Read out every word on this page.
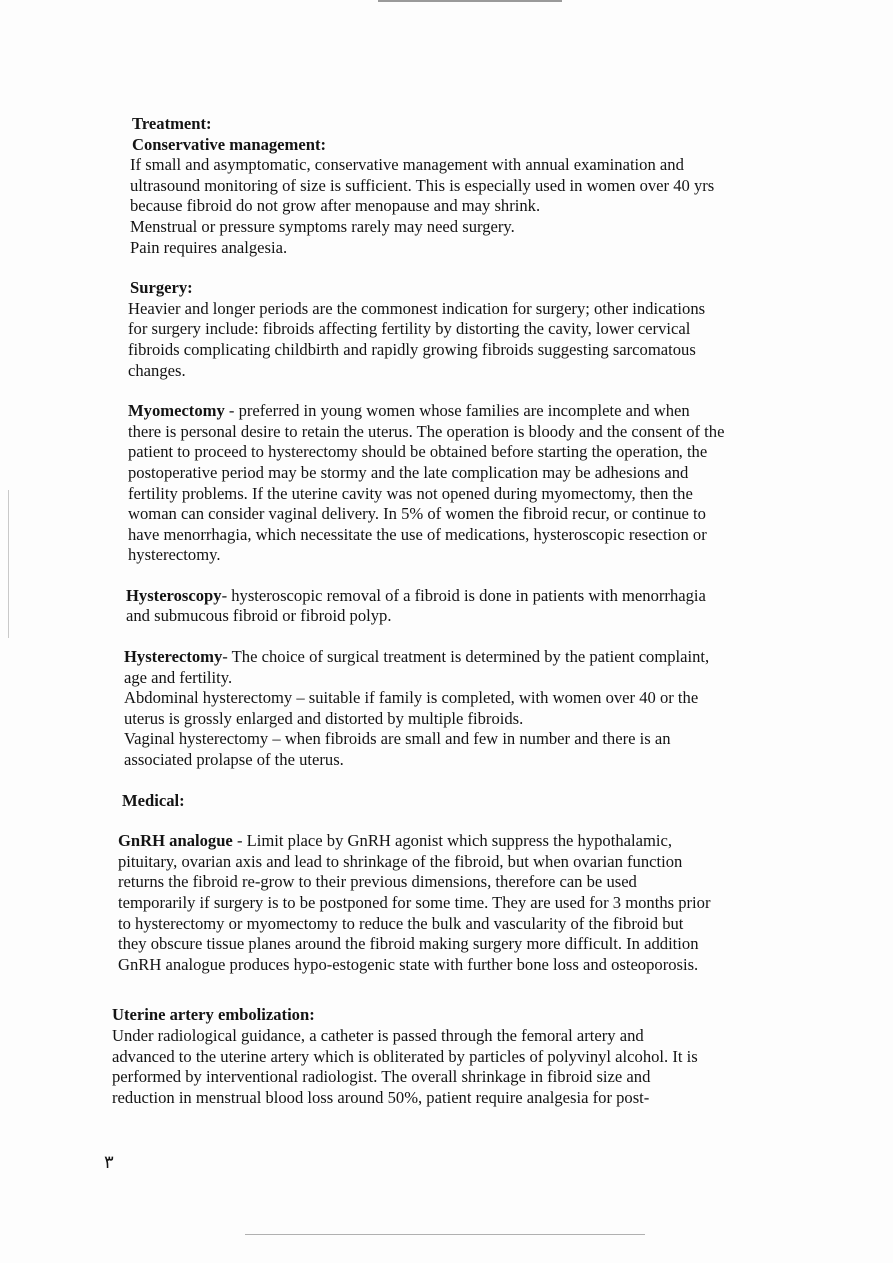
Treatment:
Conservative management:
If small and asymptomatic, conservative management with annual examination and
ultrasound monitoring of size is sufficient. This is especially used in women over 40 yrs
because fibroid do not grow after menopause and may shrink.
Menstrual or pressure symptoms rarely may need surgery.
Pain requires analgesia.
Surgery:
Heavier and longer periods are the commonest indication for surgery; other indications
for surgery include: fibroids affecting fertility by distorting the cavity, lower cervical
fibroids complicating childbirth and rapidly growing fibroids suggesting sarcomatous
changes.
Myomectomy - preferred in young women whose families are incomplete and when
there is personal desire to retain the uterus. The operation is bloody and the consent of the
patient to proceed to hysterectomy should be obtained before starting the operation, the
postoperative period may be stormy and the late complication may be adhesions and
fertility problems. If the uterine cavity was not opened during myomectomy, then the
woman can consider vaginal delivery. In 5% of women the fibroid recur, or continue to
have menorrhagia, which necessitate the use of medications, hysteroscopic resection or
hysterectomy.
Hysteroscopy- hysteroscopic removal of a fibroid is done in patients with menorrhagia
and submucous fibroid or fibroid polyp.
Hysterectomy- The choice of surgical treatment is determined by the patient complaint,
age and fertility.
Abdominal hysterectomy – suitable if family is completed, with women over 40 or the
uterus is grossly enlarged and distorted by multiple fibroids.
Vaginal hysterectomy – when fibroids are small and few in number and there is an
associated prolapse of the uterus.
Medical:
GnRH analogue - Limit place by GnRH agonist which suppress the hypothalamic,
pituitary, ovarian axis and lead to shrinkage of the fibroid, but when ovarian function
returns the fibroid re-grow to their previous dimensions, therefore can be used
temporarily if surgery is to be postponed for some time. They are used for 3 months prior
to hysterectomy or myomectomy to reduce the bulk and vascularity of the fibroid but
they obscure tissue planes around the fibroid making surgery more difficult. In addition
GnRH analogue produces hypo-estogenic state with further bone loss and osteoporosis.
Uterine artery embolization:
Under radiological guidance, a catheter is passed through the femoral artery and
advanced to the uterine artery which is obliterated by particles of polyvinyl alcohol. It is
performed by interventional radiologist. The overall shrinkage in fibroid size and
reduction in menstrual blood loss around 50%, patient require analgesia for post-
٣
